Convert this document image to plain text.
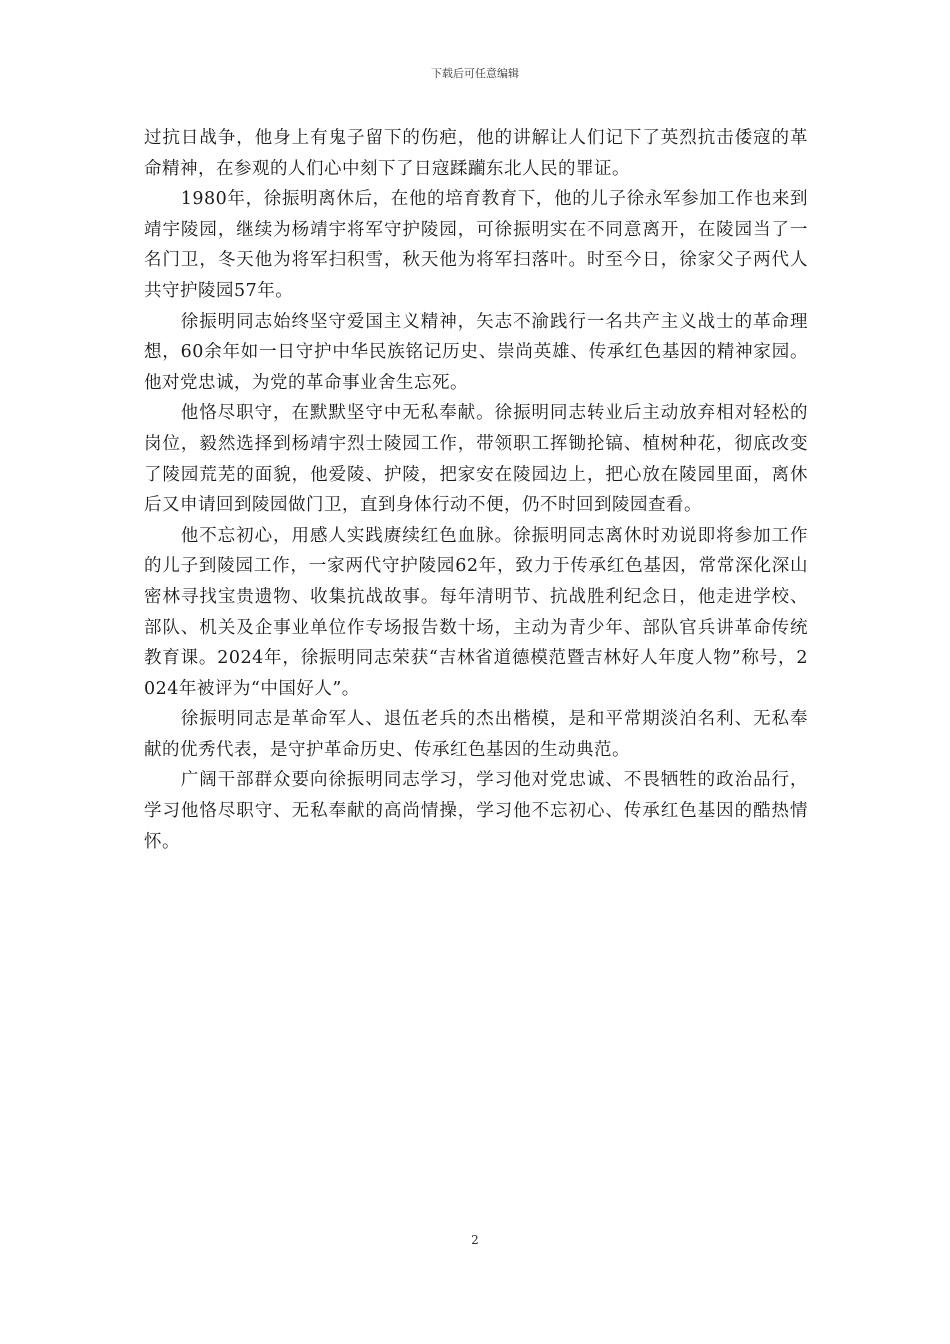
下载后可任意编辑

过抗日战争，他身上有鬼子留下的伤疤，他的讲解让人们记下了英烈抗击倭寇的革命精神，在参观的人们心中刻下了日寇蹂躏东北人民的罪证。

1980年，徐振明离休后，在他的培育教育下，他的儿子徐永军参加工作也来到靖宇陵园，继续为杨靖宇将军守护陵园，可徐振明实在不同意离开，在陵园当了一名门卫，冬天他为将军扫积雪，秋天他为将军扫落叶。时至今日，徐家父子两代人共守护陵园57年。

徐振明同志始终坚守爱国主义精神，矢志不渝践行一名共产主义战士的革命理想，60余年如一日守护中华民族铭记历史、崇尚英雄、传承红色基因的精神家园。他对党忠诚，为党的革命事业舍生忘死。

他恪尽职守，在默默坚守中无私奉献。徐振明同志转业后主动放弃相对轻松的岗位，毅然选择到杨靖宇烈士陵园工作，带领职工挥锄抡镐、植树种花，彻底改变了陵园荒芜的面貌，他爱陵、护陵，把家安在陵园边上，把心放在陵园里面，离休后又申请回到陵园做门卫，直到身体行动不便，仍不时回到陵园查看。

他不忘初心，用感人实践赓续红色血脉。徐振明同志离休时劝说即将参加工作的儿子到陵园工作，一家两代守护陵园62年，致力于传承红色基因，常常深化深山密林寻找宝贵遗物、收集抗战故事。每年清明节、抗战胜利纪念日，他走进学校、部队、机关及企事业单位作专场报告数十场，主动为青少年、部队官兵讲革命传统教育课。2024年，徐振明同志荣获“吉林省道德模范暨吉林好人年度人物”称号，2024年被评为“中国好人”。

徐振明同志是革命军人、退伍老兵的杰出楷模，是和平常期淡泊名利、无私奉献的优秀代表，是守护革命历史、传承红色基因的生动典范。

广阔干部群众要向徐振明同志学习，学习他对党忠诚、不畏牺牲的政治品行，学习他恪尽职守、无私奉献的高尚情操，学习他不忘初心、传承红色基因的酷热情怀。

2
